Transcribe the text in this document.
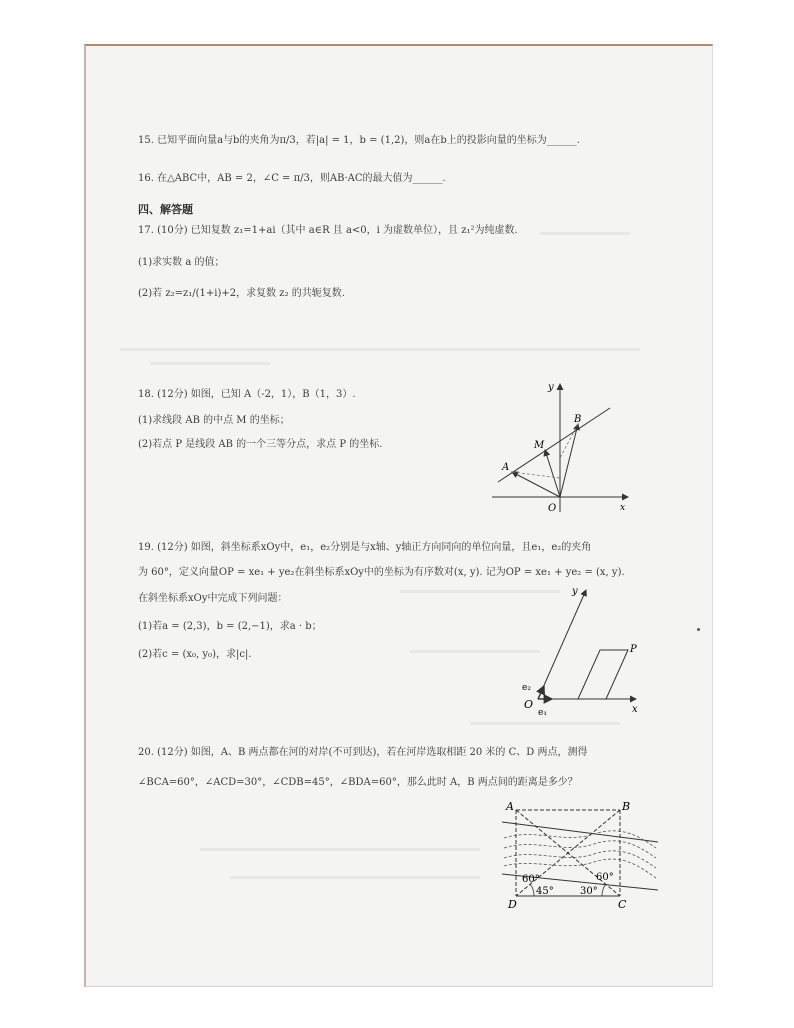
15. 已知平面向量a与b的夹角为π/3，若|a| = 1，b = (1,2)，则a在b上的投影向量的坐标为______.
16. 在△ABC中，AB = 2，∠C = π/3，则AB·AC的最大值为______.
四、解答题
17. (10分) 已知复数 z₁=1+ai（其中 a∈R 且 a<0，i 为虚数单位），且 z₁²为纯虚数.
(1)求实数 a 的值；
(2)若 z₂=z₁/(1+i)+2，求复数 z₂ 的共轭复数.
18. (12分) 如图，已知 A（-2，1），B（1，3）.
(1)求线段 AB 的中点 M 的坐标；
(2)若点 P 是线段 AB 的一个三等分点，求点 P 的坐标.
y
x
O
A
B
M
19. (12分) 如图，斜坐标系xOy中，e₁，e₂分别是与x轴、y轴正方向同向的单位向量，且e₁，e₂的夹角
为 60°，定义向量OP = xe₁ + ye₂在斜坐标系xOy中的坐标为有序数对(x, y). 记为OP = xe₁ + ye₂ = (x, y).
在斜坐标系xOy中完成下列问题：
(1)若a = (2,3)，b = (2,−1)，求a · b；
(2)若c = (x₀, y₀)，求|c|.
y
x
O
P
e₁
e₂
20. (12分) 如图，A、B 两点都在河的对岸(不可到达)，若在河岸选取相距 20 米的 C、D 两点，测得
∠BCA=60°，∠ACD=30°，∠CDB=45°，∠BDA=60°，那么此时 A，B 两点间的距离是多少？
A	B
D	C
60°
45°
60°
30°
